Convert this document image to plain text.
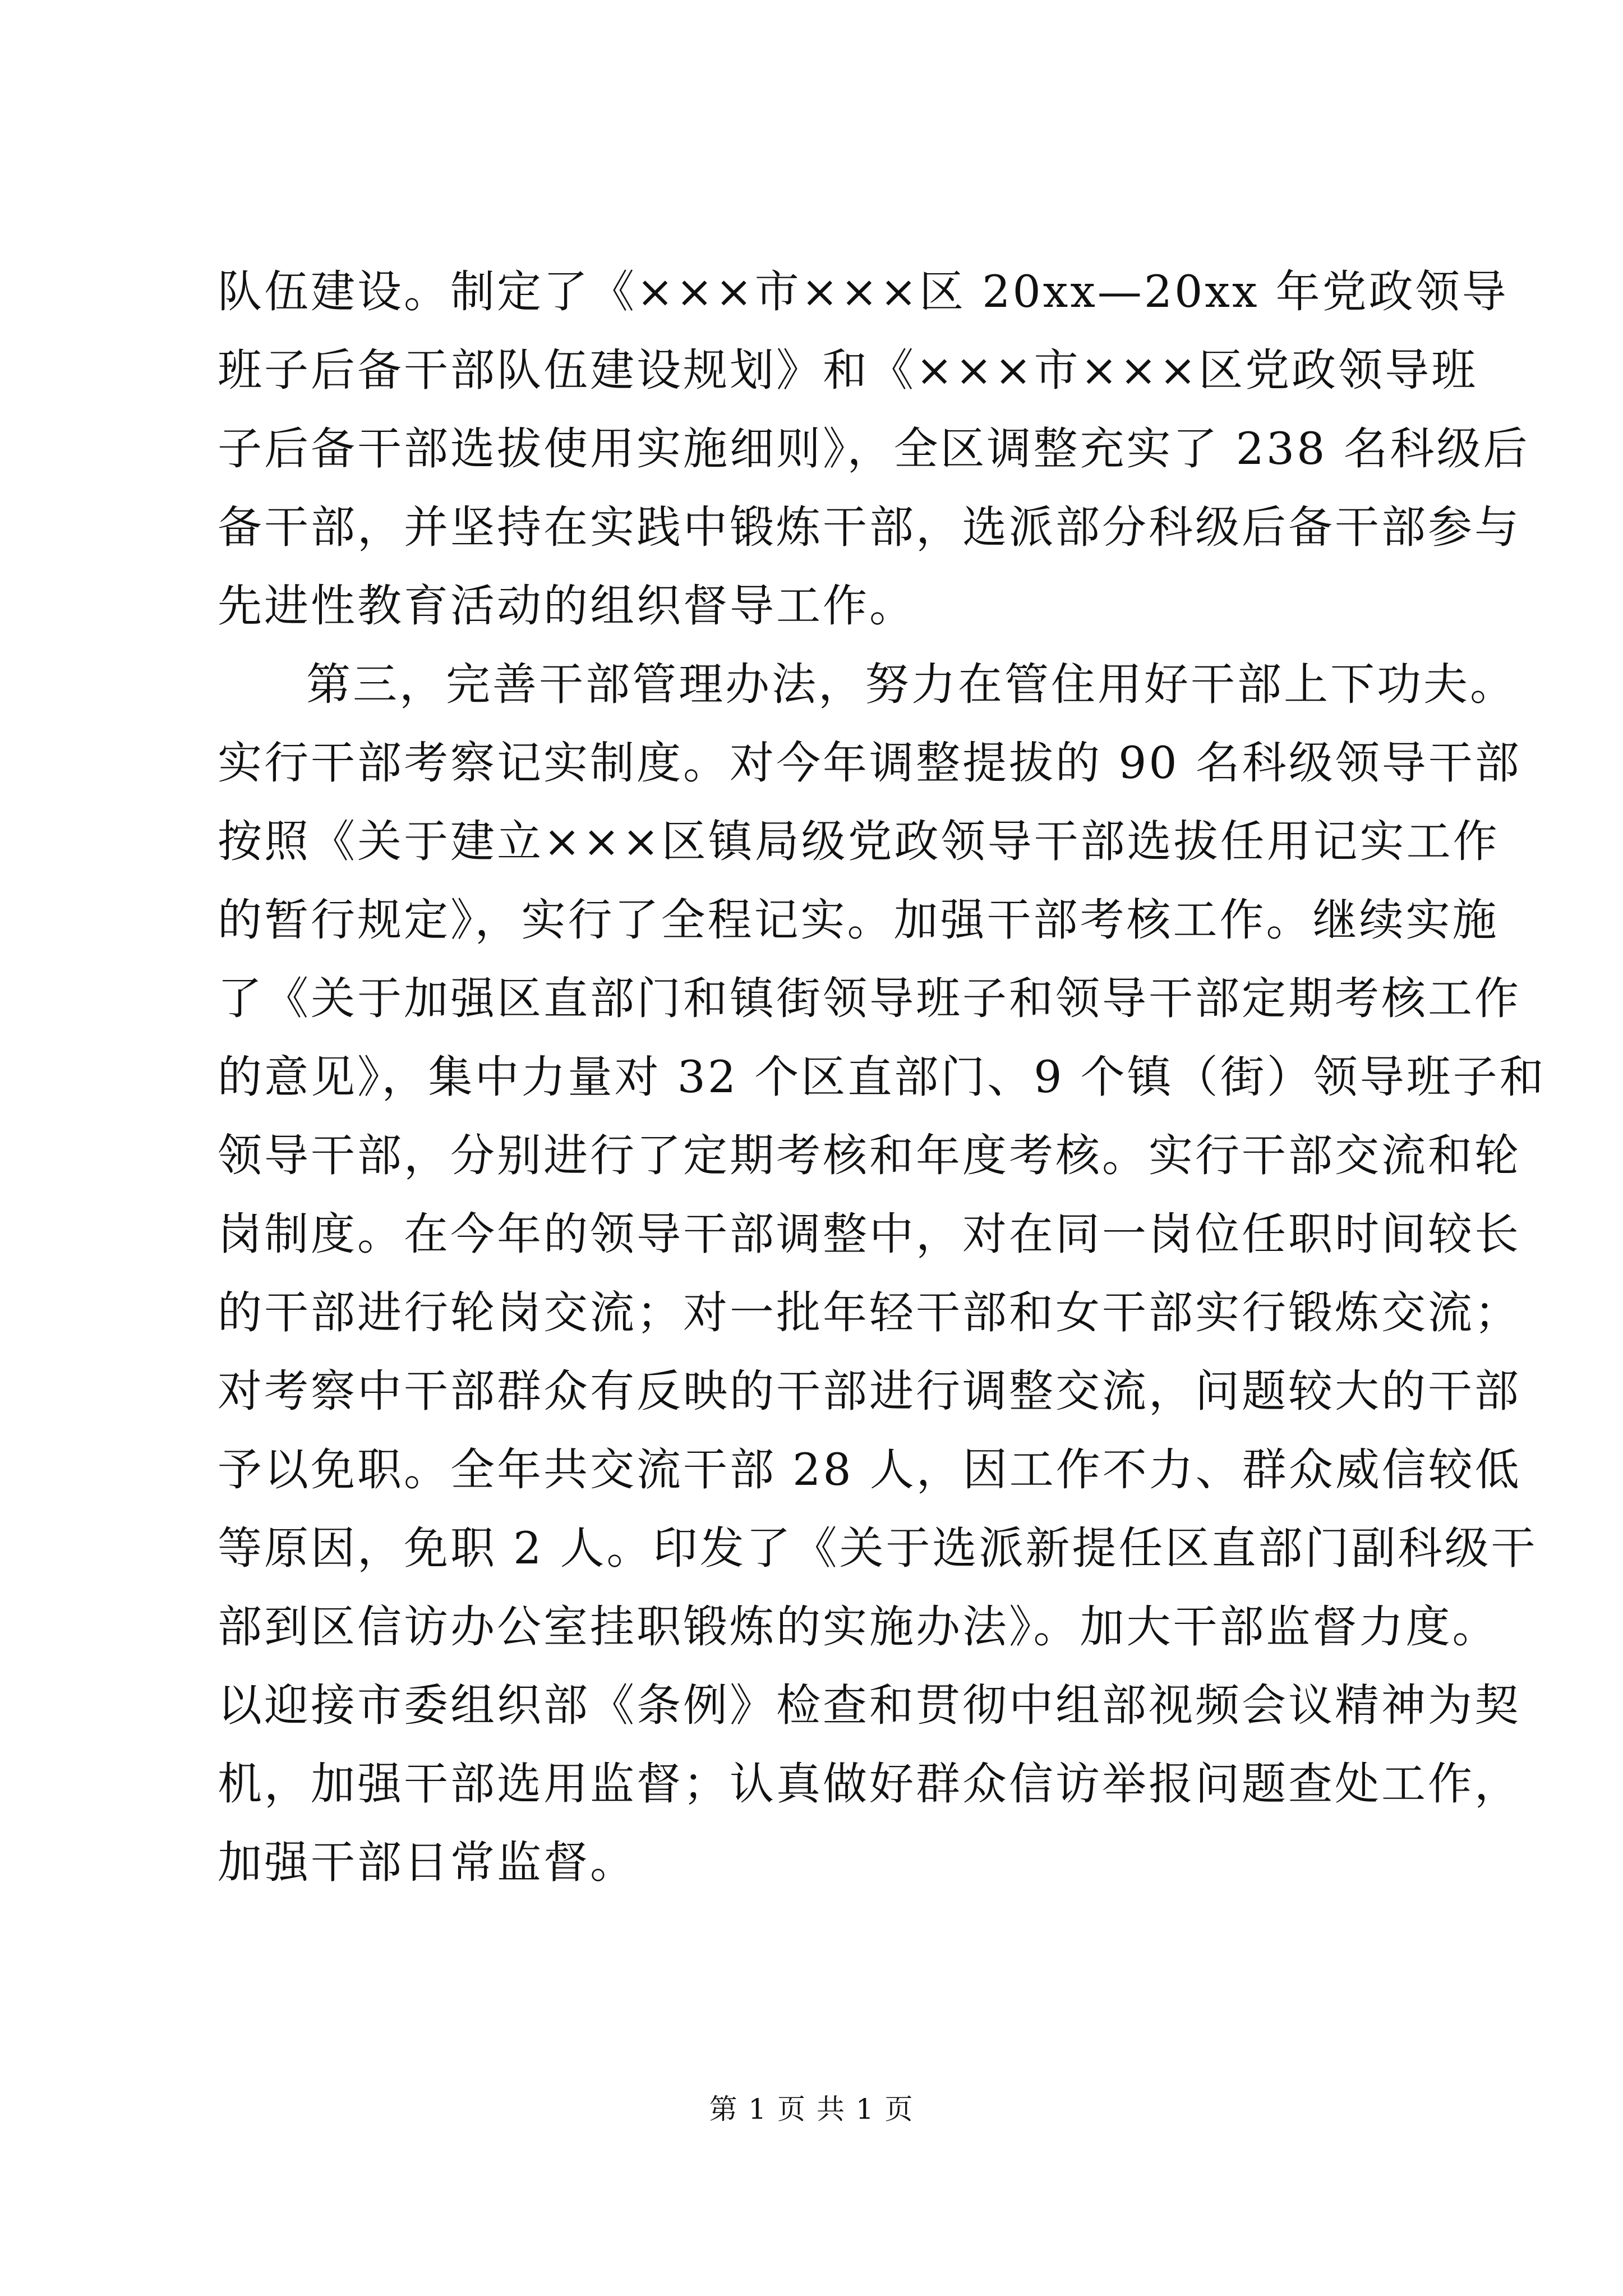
队伍建设。制定了《×××市×××区 20xx—20xx 年党政领导
班子后备干部队伍建设规划》和《×××市×××区党政领导班
子后备干部选拔使用实施细则》，全区调整充实了 238 名科级后
备干部，并坚持在实践中锻炼干部，选派部分科级后备干部参与
先进性教育活动的组织督导工作。
第三，完善干部管理办法，努力在管住用好干部上下功夫。
实行干部考察记实制度。对今年调整提拔的 90 名科级领导干部
按照《关于建立×××区镇局级党政领导干部选拔任用记实工作
的暂行规定》，实行了全程记实。加强干部考核工作。继续实施
了《关于加强区直部门和镇街领导班子和领导干部定期考核工作
的意见》，集中力量对 32 个区直部门、9 个镇（街）领导班子和
领导干部，分别进行了定期考核和年度考核。实行干部交流和轮
岗制度。在今年的领导干部调整中，对在同一岗位任职时间较长
的干部进行轮岗交流；对一批年轻干部和女干部实行锻炼交流；
对考察中干部群众有反映的干部进行调整交流，问题较大的干部
予以免职。全年共交流干部 28 人，因工作不力、群众威信较低
等原因，免职 2 人。印发了《关于选派新提任区直部门副科级干
部到区信访办公室挂职锻炼的实施办法》。加大干部监督力度。
以迎接市委组织部《条例》检查和贯彻中组部视频会议精神为契
机，加强干部选用监督；认真做好群众信访举报问题查处工作，
加强干部日常监督。
第 1 页 共 1 页
